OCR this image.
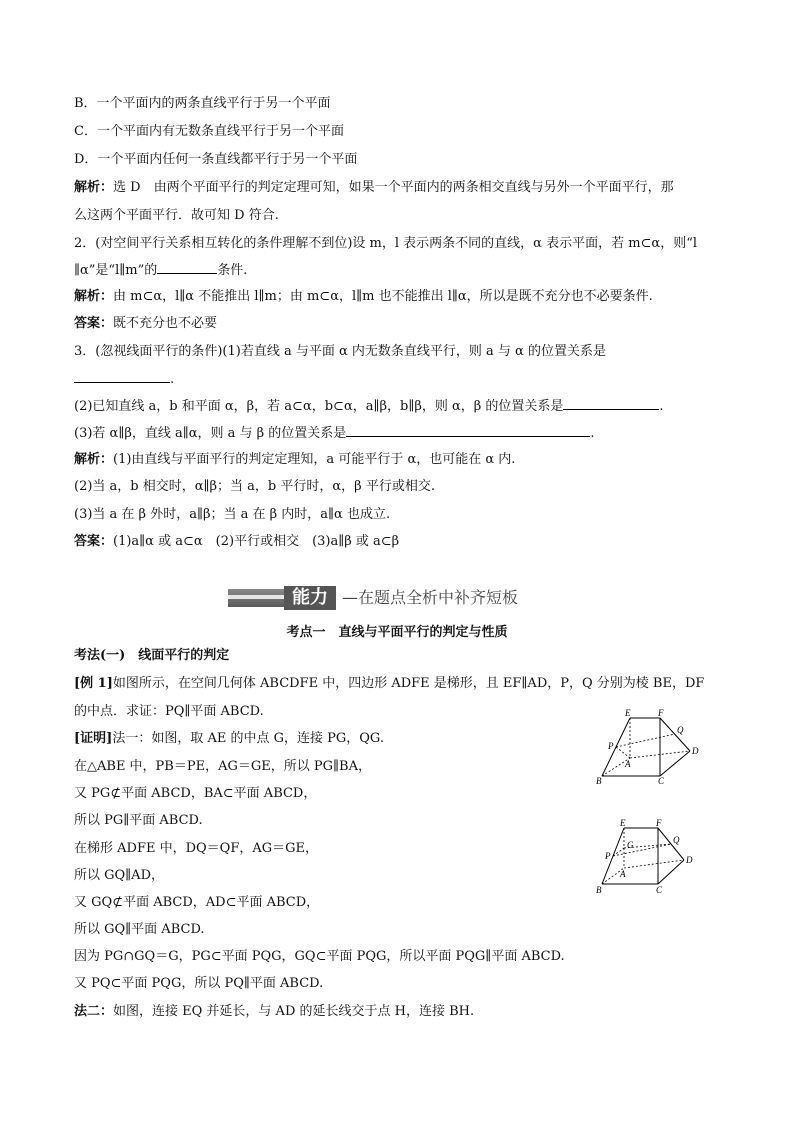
B．一个平面内的两条直线平行于另一个平面
C．一个平面内有无数条直线平行于另一个平面
D．一个平面内任何一条直线都平行于另一个平面
解析：选 D　由两个平面平行的判定定理可知，如果一个平面内的两条相交直线与另外一个平面平行，那
么这两个平面平行．故可知 D 符合.
2．(对空间平行关系相互转化的条件理解不到位)设 m，l 表示两条不同的直线，α 表示平面，若 m⊂α，则“l
∥α”是“l∥m”的	条件.
解析：由 m⊂α，l∥α 不能推出 l∥m；由 m⊂α，l∥m 也不能推出 l∥α，所以是既不充分也不必要条件.
答案：既不充分也不必要
3．(忽视线面平行的条件)(1)若直线 a 与平面 α 内无数条直线平行，则 a 与 α 的位置关系是
.
(2)已知直线 a，b 和平面 α，β，若 a⊂α，b⊂α，a∥β，b∥β，则 α，β 的位置关系是	.
(3)若 α∥β，直线 a∥α，则 a 与 β 的位置关系是	.
解析：(1)由直线与平面平行的判定定理知，a 可能平行于 α，也可能在 α 内.
(2)当 a，b 相交时，α∥β；当 a，b 平行时，α，β 平行或相交.
(3)当 a 在 β 外时，a∥β；当 a 在 β 内时，a∥α 也成立.
答案：(1)a∥α 或 a⊂α　(2)平行或相交　(3)a∥β 或 a⊂β
能力 —在题点全析中补齐短板
考点一　直线与平面平行的判定与性质
考法(一)　线面平行的判定
[例 1]如图所示，在空间几何体 ABCDFE 中，四边形 ADFE 是梯形，且 EF∥AD，P，Q 分别为棱 BE，DF
的中点．求证：PQ∥平面 ABCD.
[证明]法一：如图，取 AE 的中点 G，连接 PG，QG.
在△ABE 中，PB＝PE，AG＝GE，所以 PG∥BA，
又 PG⊄平面 ABCD，BA⊂平面 ABCD，
所以 PG∥平面 ABCD.
在梯形 ADFE 中，DQ＝QF，AG＝GE，
所以 GQ∥AD，
又 GQ⊄平面 ABCD，AD⊂平面 ABCD，
所以 GQ∥平面 ABCD.
因为 PG∩GQ＝G，PG⊂平面 PQG，GQ⊂平面 PQG，所以平面 PQG∥平面 ABCD.
又 PQ⊂平面 PQG，所以 PQ∥平面 ABCD.
法二：如图，连接 EQ 并延长，与 AD 的延长线交于点 H，连接 BH.
E	F
P
Q
D
A
B	C
E	F
G
P
Q
D
A
B	C
